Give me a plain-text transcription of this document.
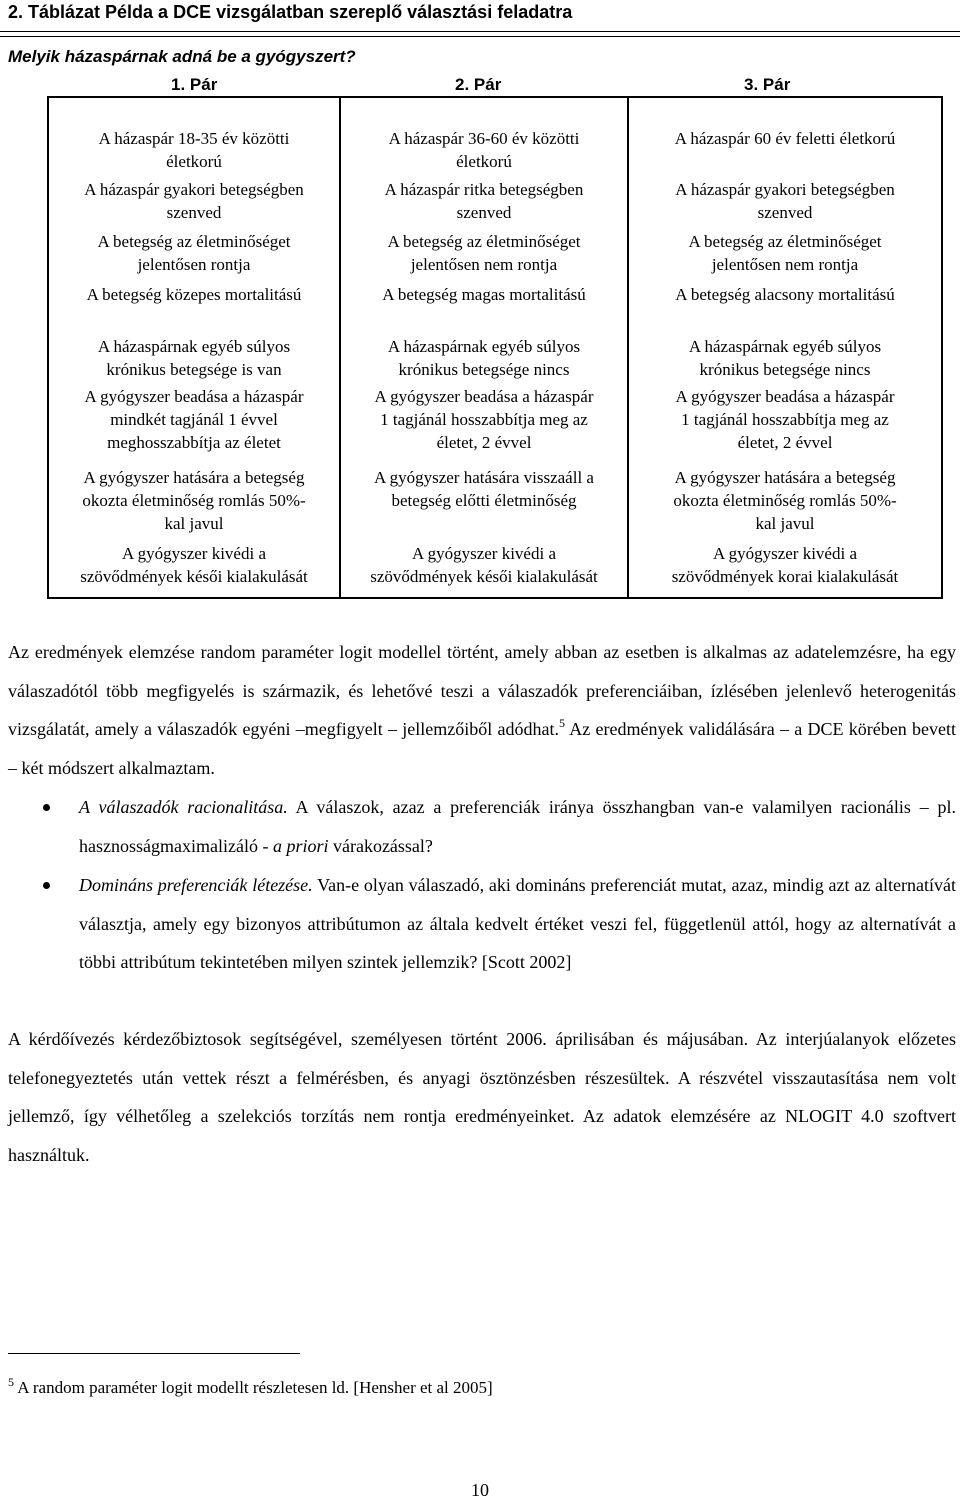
2. Táblázat Példa a DCE vizsgálatban szereplő választási feladatra
Melyik házaspárnak adná be a gyógyszert?
1. Pár	2. Pár	3. Pár
A házaspár 18-35 év közötti
életkorú
A házaspár gyakori betegségben
szenved
A betegség az életminőséget
jelentősen rontja
A betegség közepes mortalitású
A házaspárnak egyéb súlyos
krónikus betegsége is van
A gyógyszer beadása a házaspár
mindkét tagjánál 1 évvel
meghosszabbítja az életet
A gyógyszer hatására a betegség
okozta életminőség romlás 50%-
kal javul
A gyógyszer kivédi a
szövődmények késői kialakulását
A házaspár 36-60 év közötti
életkorú
A házaspár ritka betegségben
szenved
A betegség az életminőséget
jelentősen nem rontja
A betegség magas mortalitású
A házaspárnak egyéb súlyos
krónikus betegsége nincs
A gyógyszer beadása a házaspár
1 tagjánál hosszabbítja meg az
életet, 2 évvel
A gyógyszer hatására visszaáll a
betegség előtti életminőség
A gyógyszer kivédi a
szövődmények késői kialakulását
A házaspár 60 év feletti életkorú
A házaspár gyakori betegségben
szenved
A betegség az életminőséget
jelentősen nem rontja
A betegség alacsony mortalitású
A házaspárnak egyéb súlyos
krónikus betegsége nincs
A gyógyszer beadása a házaspár
1 tagjánál hosszabbítja meg az
életet, 2 évvel
A gyógyszer hatására a betegség
okozta életminőség romlás 50%-
kal javul
A gyógyszer kivédi a
szövődmények korai kialakulását
Az eredmények elemzése random paraméter logit modellel történt, amely abban az esetben is alkalmas az adatelemzésre, ha egy válaszadótól több megfigyelés is származik, és lehetővé teszi a válaszadók preferenciáiban, ízlésében jelenlevő heterogenitás vizsgálatát, amely a válaszadók egyéni –megfigyelt – jellemzőiből adódhat.$^5$ Az eredmények validálására – a DCE körében bevett – két módszert alkalmaztam.
A válaszadók racionalitása. A válaszok, azaz a preferenciák iránya összhangban van-e valamilyen racionális – pl. hasznosságmaximalizáló - a priori várakozással?
Domináns preferenciák létezése. Van-e olyan válaszadó, aki domináns preferenciát mutat, azaz, mindig azt az alternatívát választja, amely egy bizonyos attribútumon az általa kedvelt értéket veszi fel, függetlenül attól, hogy az alternatívát a többi attribútum tekintetében milyen szintek jellemzik? [Scott 2002]
A kérdőívezés kérdezőbiztosok segítségével, személyesen történt 2006. áprilisában és májusában. Az interjúalanyok előzetes telefonegyeztetés után vettek részt a felmérésben, és anyagi ösztönzésben részesültek. A részvétel visszautasítása nem volt jellemző, így vélhetőleg a szelekciós torzítás nem rontja eredményeinket. Az adatok elemzésére az NLOGIT 4.0 szoftvert használtuk.
$^5$ A random paraméter logit modellt részletesen ld. [Hensher et al 2005]
10
